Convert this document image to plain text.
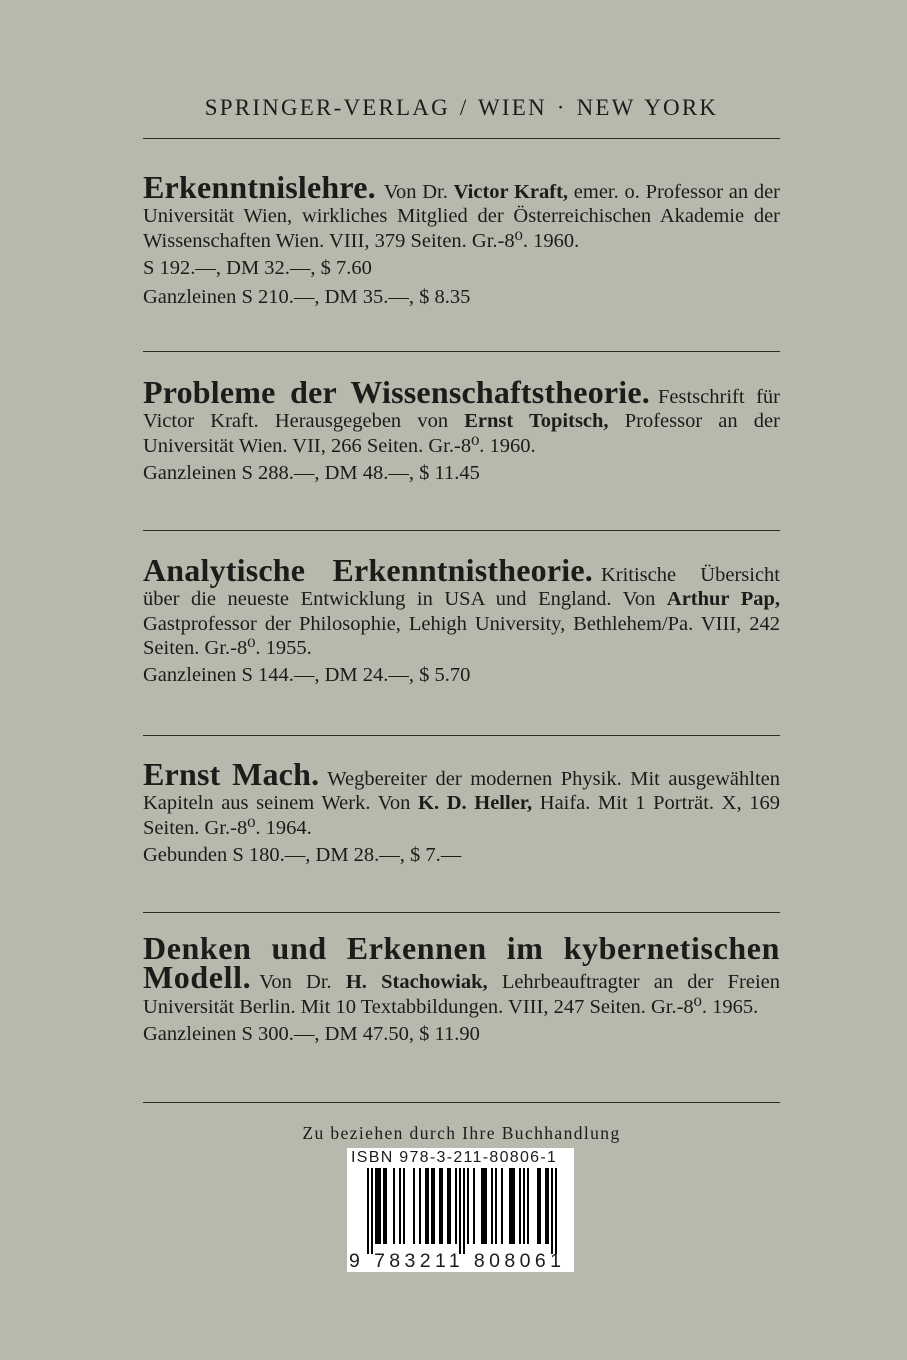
SPRINGER-VERLAG / WIEN · NEW YORK
Erkenntnislehre. Von Dr. Victor Kraft, emer. o. Professor an der Universität Wien, wirkliches Mitglied der Österreichischen Akademie der Wissenschaften Wien. VIII, 379 Seiten. Gr.-8⁰. 1960.
S 192.—, DM 32.—, $ 7.60
Ganzleinen S 210.—, DM 35.—, $ 8.35
Probleme der Wissenschaftstheorie. Festschrift für Victor Kraft. Herausgegeben von Ernst Topitsch, Professor an der Universität Wien. VII, 266 Seiten. Gr.-8⁰. 1960.
Ganzleinen S 288.—, DM 48.—, $ 11.45
Analytische Erkenntnistheorie. Kritische Übersicht über die neueste Entwicklung in USA und England. Von Arthur Pap, Gastprofessor der Philosophie, Lehigh University, Bethlehem/Pa. VIII, 242 Seiten. Gr.-8⁰. 1955.
Ganzleinen S 144.—, DM 24.—, $ 5.70
Ernst Mach. Wegbereiter der modernen Physik. Mit ausgewählten Kapiteln aus seinem Werk. Von K. D. Heller, Haifa. Mit 1 Porträt. X, 169 Seiten. Gr.-8⁰. 1964.
Gebunden S 180.—, DM 28.—, $ 7.—
Denken und Erkennen im kybernetischen Modell. Von Dr. H. Stachowiak, Lehrbeauftragter an der Freien Universität Berlin. Mit 10 Textabbildungen. VIII, 247 Seiten. Gr.-8⁰. 1965.
Ganzleinen S 300.—, DM 47.50, $ 11.90
Zu beziehen durch Ihre Buchhandlung
ISBN 978-3-211-80806-1
9 783211 808061
